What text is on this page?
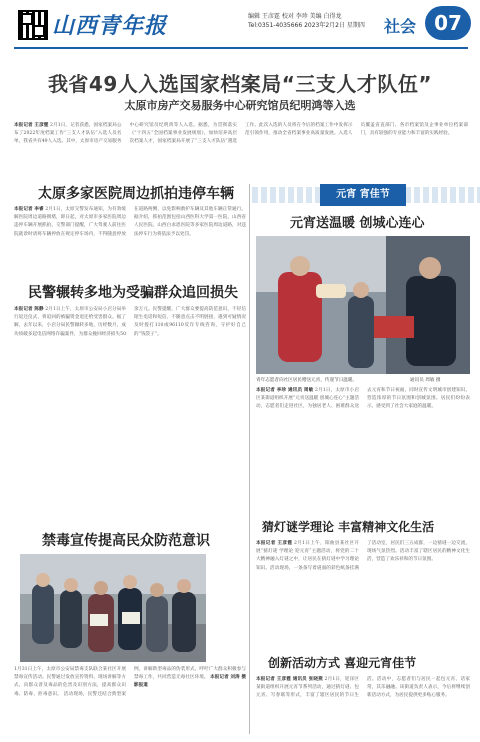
山西青年报	编辑 王彦霆 校对 李珍 美编 白得龙
Tel:0351-4035666 2023年2月2日 星期四	社会 07
我省49人入选国家档案局“三支人才队伍”
太原市房产交易服务中心研究馆员纪明鸿等入选
本报记者 王彦霆 2月1日，记者获悉，国家档案局公布了2022年度档案工作“三支人才队伍”入选人员名单，我省共有49人入选。其中，太原市房产交易服务中心研究馆员纪明鸿等人入选。据悉，为贯彻落实《“十四五”全国档案事业发展规划》，加快培养高层次档案人才，国家档案局开展了“三支人才队伍”遴选工作。此次入选的人员将在今后的档案工作中发挥示范引领作用，推动全省档案事业高质量发展。入选人员覆盖省直部门、各市档案馆及企事业单位档案部门，具有较强的专业能力和丰富的实践经验。
太原多家医院周边抓拍违停车辆
本报记者 李睿 2月1日，太原交警发布通知，为有效缓解医院周边道路拥堵，即日起，对太原市多家医院周边违停车辆开展抓拍。交警部门提醒，广大驾驶人前往医院就诊时请将车辆停放在规定停车场内，不得随意停放在道路两侧，以免影响救护车辆及其他车辆正常通行。据介绍，抓拍范围包括山西医科大学第一医院、山西省人民医院、山西白求恩医院等多家医院周边道路，对违法停车行为将依法予以处罚。
民警辗转多地为受骗群众追回损失
本报记者 陈静 2月1日上午，太原市公安局小店分局举行返还仪式，将追回的被骗资金退还给受害群众。据了解，去年以来，小店分局民警辗转多地，历经数月，成功侦破多起电信网络诈骗案件，为群众挽回经济损失50余万元。民警提醒，广大群众要提高防范意识，不轻信陌生电话和短信，不随意点击不明链接，遇到可疑情况及时拨打110或96110反诈专线咨询，守护好自己的“钱袋子”。
禁毒宣传提高民众防范意识
1月31日上午，太原市公安局禁毒支队联合某社区开展禁毒宣传活动。民警通过发放宣传资料、现场讲解等方式，向群众普及毒品的危害及识别方法，提高群众识毒、防毒、拒毒意识。 活动现场，民警还结合典型案例，讲解新型毒品的伪装形式，呼吁广大群众积极参与禁毒工作，共同营造无毒社区环境。 本报记者 刘涛 摄影报道
元宵 宵佳节
元宵送温暖 创城心连心
青年志愿者向社区居民赠送元宵，传递节日温暖。	通讯员 周敏 摄
本报记者 李珍 通讯员 周敏 2月1日，太原市小店区某街道组织开展“元宵送温暖 创城心连心”主题活动，志愿者们走进社区，为独居老人、困难群众送去元宵和节日祝福，同时宣传文明城市创建知识，营造浓厚的节日氛围和创城氛围。居民们纷纷表示，感受到了社会大家庭的温暖。
猜灯谜学理论 丰富精神文化生活
本报记者 王彦霆 2月1日上午，阳曲县某社区开展“猜灯谜 学理论 迎元宵”主题活动，将党的二十大精神融入灯谜之中，让居民在猜灯谜中学习理论知识。活动现场，一条条写着谜面的彩色纸条挂满了活动室，居民们三五成群，一边猜谜一边交流，现场气氛热烈。活动丰富了辖区居民的精神文化生活，营造了欢乐祥和的节日氛围。
创新活动方式 喜迎元宵佳节
本报记者 王彦霆 通讯员 张晓燕 2月1日，迎泽区某街道组织开展元宵节系列活动，通过猜灯谜、包元宵、写春联等形式，丰富了辖区居民的节日生活。活动中，志愿者们与居民一起包元宵、话家常，其乐融融。该街道负责人表示，今后将继续创新活动方式，为居民提供更多贴心服务。
